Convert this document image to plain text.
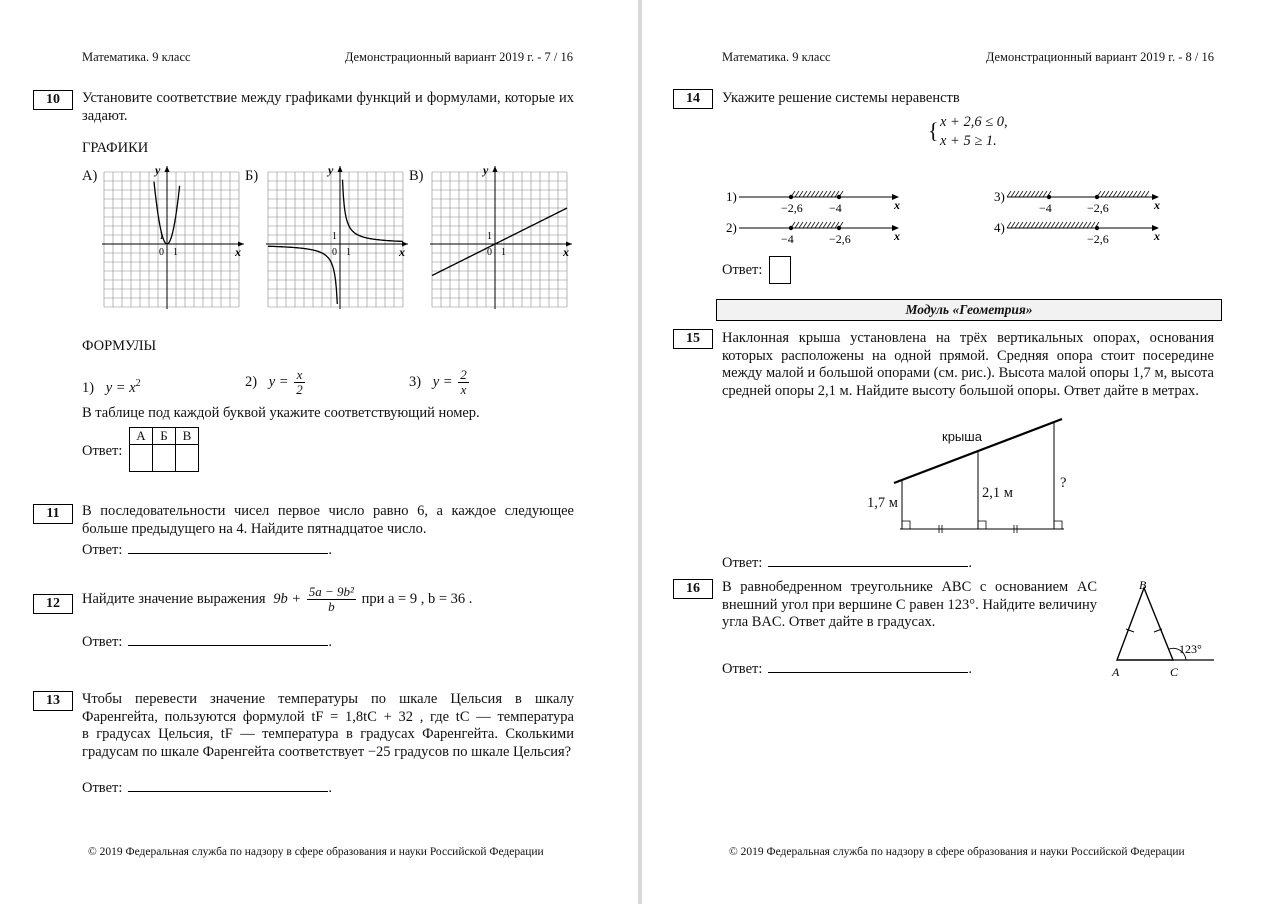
Математика. 9 класс	Демонстрационный вариант 2019 г. - 7 / 16
10	Установите соответствие между графиками функций и формулами, которые их задают.
ГРАФИКИ
А)	Б)	В)
x
y
0 1
1
x
y
0 1
1
x
y
0 1
1
ФОРМУЛЫ
1) $y = x^2$	2) $y = \frac{x}{2}$	3) $y = \frac{2}{x}$
В таблице под каждой буквой укажите соответствующий номер.
Ответ:
А	Б	В

11	В последовательности чисел первое число равно 6, а каждое следующее больше предыдущего на 4. Найдите пятнадцатое число.
Ответ:	.
12	Найдите значение выражения $9b + \frac{\text{5a − 9b²}}{b}$ при a = 9 , b = 36 .
Ответ:	.
13	Чтобы перевести значение температуры по шкале Цельсия в шкалу
Фаренгейта, пользуются формулой tF = 1,8tC + 32 , где tC — температура
в градусах Цельсия, tF — температура в градусах Фаренгейта. Сколькими
градусам по шкале Фаренгейта соответствует −25 градусов по шкале Цельсия?
Ответ:	.
© 2019 Федеральная служба по надзору в сфере образования и науки Российской Федерации
Математика. 9 класс	Демонстрационный вариант 2019 г. - 8 / 16
14	Укажите решение системы неравенств
{ x + 2,6 ≤ 0,
x + 5 ≥ 1.
1)
x
−2,6 −4
2)
x
−4	−2,6
3)
x
−4	−2,6
4)
x
−2,6
Ответ:
Модуль «Геометрия»
15	Наклонная крыша установлена на трёх вертикальных опорах, основания которых расположены на одной прямой. Средняя опора стоит посередине между малой и большой опорами (см. рис.). Высота малой опоры 1,7 м, высота средней опоры 2,1 м. Найдите высоту большой опоры. Ответ дайте в метрах.
крыша
1,7 м
2,1 м
?
Ответ:	.
16	В равнобедренном треугольнике ABC с основанием AC внешний угол при вершине C равен 123°. Найдите величину угла BAC. Ответ дайте в градусах.
B
A	C
123°
Ответ:	.
© 2019 Федеральная служба по надзору в сфере образования и науки Российской Федерации
